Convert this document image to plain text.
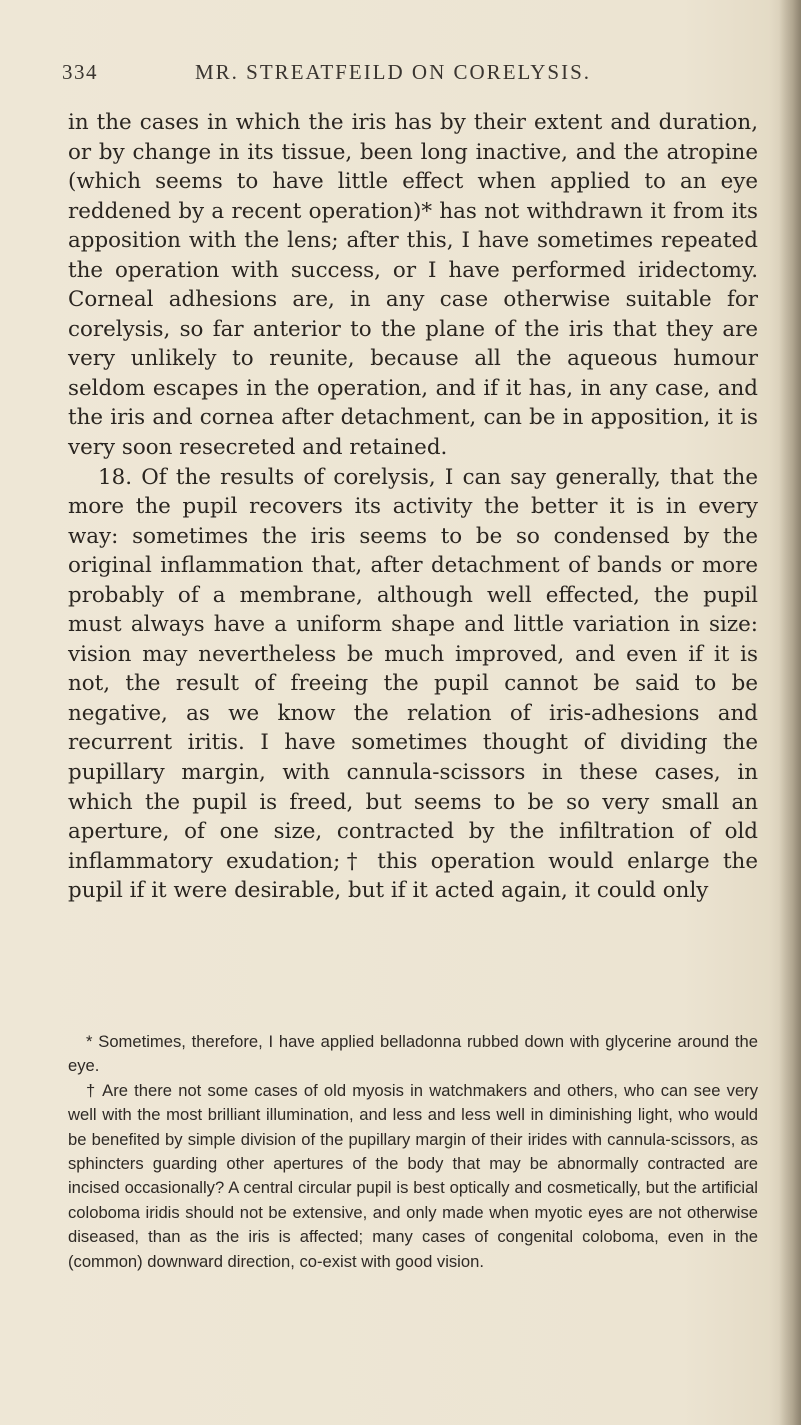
334	MR. STREATFEILD ON CORELYSIS.

in the cases in which the iris has by their extent and duration, or by change in its tissue, been long inactive, and the atropine (which seems to have little effect when applied to an eye reddened by a recent operation)* has not withdrawn it from its apposition with the lens; after this, I have sometimes repeated the operation with success, or I have performed iridectomy. Corneal adhesions are, in any case otherwise suitable for corelysis, so far anterior to the plane of the iris that they are very unlikely to reunite, because all the aqueous humour seldom escapes in the operation, and if it has, in any case, and the iris and cornea after detachment, can be in apposition, it is very soon resecreted and retained.

18. Of the results of corelysis, I can say generally, that the more the pupil recovers its activity the better it is in every way: sometimes the iris seems to be so condensed by the original inflammation that, after detachment of bands or more probably of a membrane, although well effected, the pupil must always have a uniform shape and little variation in size: vision may nevertheless be much improved, and even if it is not, the result of freeing the pupil cannot be said to be negative, as we know the relation of iris-adhesions and recurrent iritis. I have sometimes thought of dividing the pupillary margin, with cannula-scissors in these cases, in which the pupil is freed, but seems to be so very small an aperture, of one size, contracted by the infiltration of old inflammatory exudation;† this operation would enlarge the pupil if it were desirable, but if it acted again, it could only

* Sometimes, therefore, I have applied belladonna rubbed down with glycerine around the eye.

† Are there not some cases of old myosis in watchmakers and others, who can see very well with the most brilliant illumination, and less and less well in diminishing light, who would be benefited by simple division of the pupillary margin of their irides with cannula-scissors, as sphincters guarding other apertures of the body that may be abnormally contracted are incised occasionally? A central circular pupil is best optically and cosmetically, but the artificial coloboma iridis should not be extensive, and only made when myotic eyes are not otherwise diseased, than as the iris is affected; many cases of congenital coloboma, even in the (common) downward direction, co-exist with good vision.
